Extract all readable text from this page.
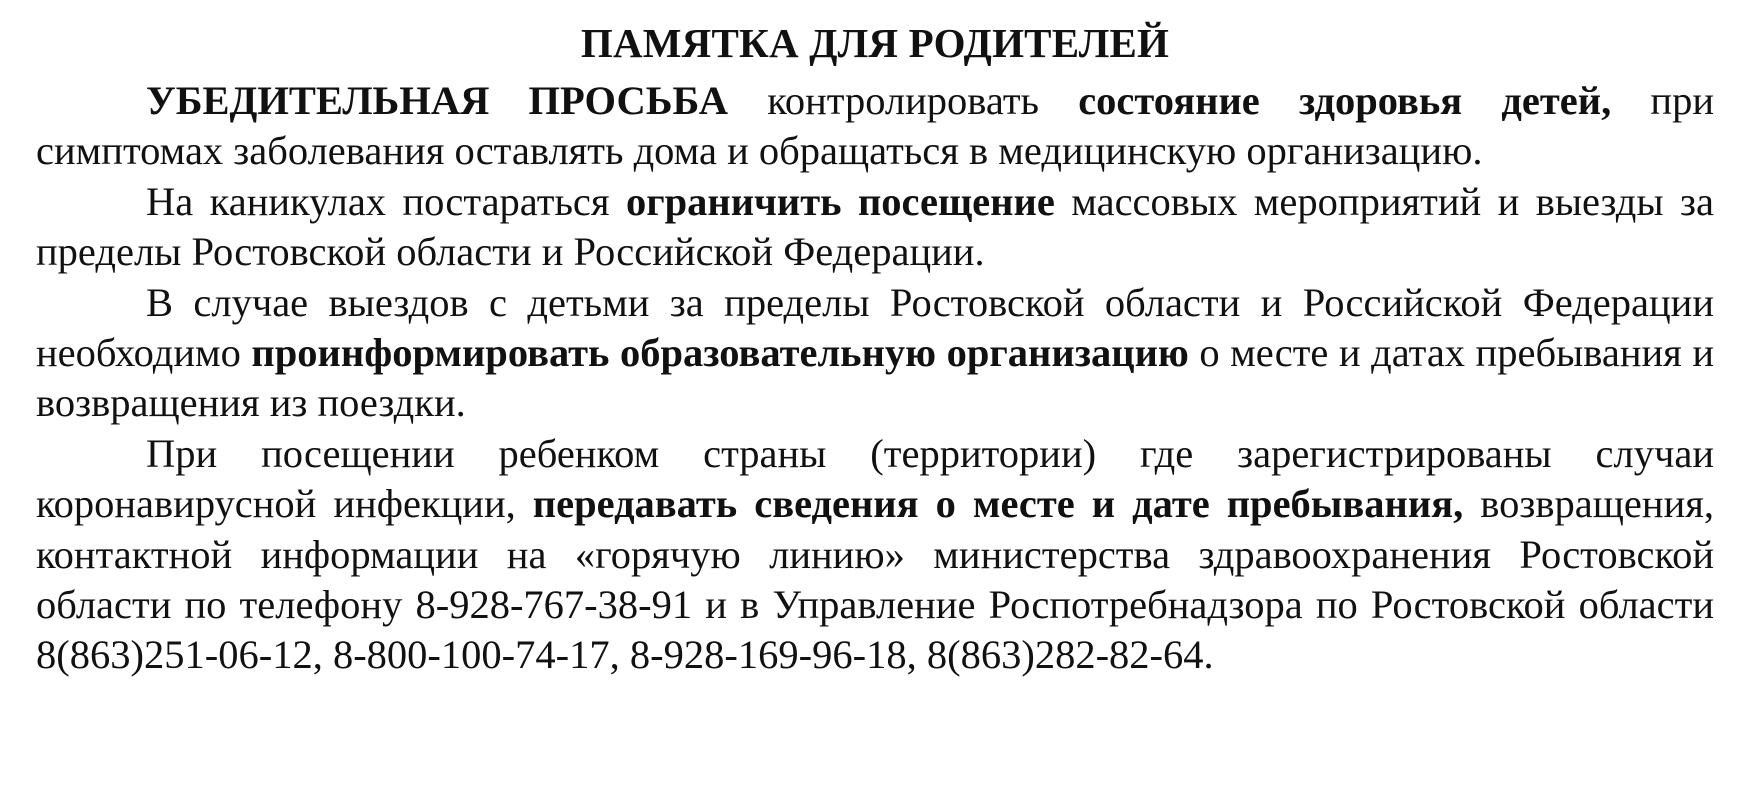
ПАМЯТКА ДЛЯ РОДИТЕЛЕЙ

УБЕДИТЕЛЬНАЯ ПРОСЬБА контролировать состояние здоровья детей, при симптомах заболевания оставлять дома и обращаться в медицинскую организацию.

На каникулах постараться ограничить посещение массовых мероприятий и выезды за пределы Ростовской области и Российской Федерации.

В случае выездов с детьми за пределы Ростовской области и Российской Федерации необходимо проинформировать образовательную организацию о месте и датах пребывания и возвращения из поездки.

При посещении ребенком страны (территории) где зарегистрированы случаи коронавирусной инфекции, передавать сведения о месте и дате пребывания, возвращения, контактной информации на «горячую линию» министерства здравоохранения Ростовской области по телефону 8-928-767-38-91 и в Управление Роспотребнадзора по Ростовской области 8(863)251-06-12, 8-800-100-74-17, 8-928-169-96-18, 8(863)282-82-64.
